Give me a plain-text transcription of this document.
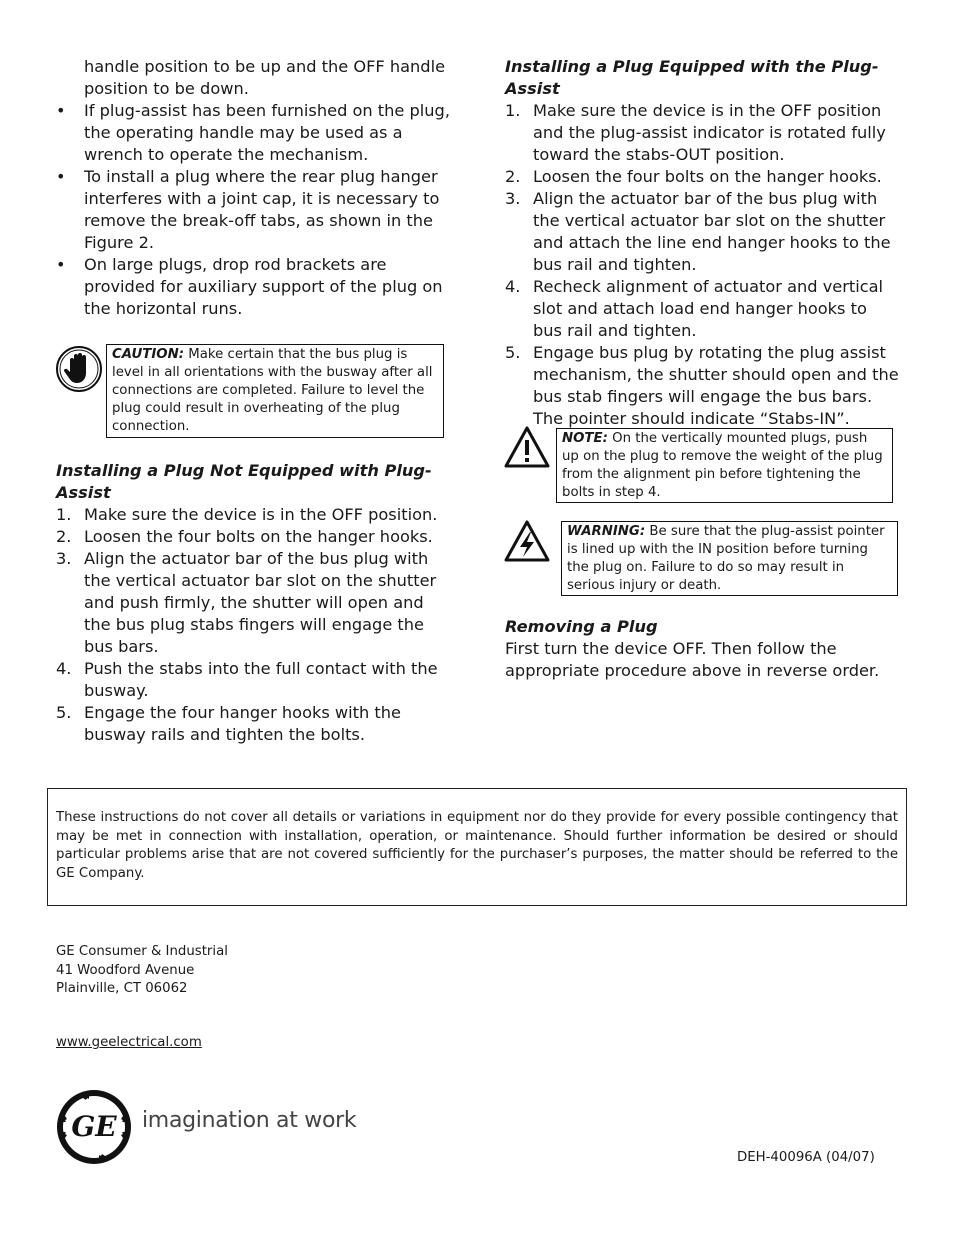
handle position to be up and the OFF handle position to be down.

• If plug-assist has been furnished on the plug, the operating handle may be used as a wrench to operate the mechanism.
• To install a plug where the rear plug hanger interferes with a joint cap, it is necessary to remove the break-off tabs, as shown in the Figure 2.
• On large plugs, drop rod brackets are provided for auxiliary support of the plug on the horizontal runs.
CAUTION: Make certain that the bus plug is level in all orientations with the busway after all connections are completed. Failure to level the plug could result in overheating of the plug connection.
Installing a Plug Not Equipped with Plug-Assist
1. Make sure the device is in the OFF position.
2. Loosen the four bolts on the hanger hooks.
3. Align the actuator bar of the bus plug with the vertical actuator bar slot on the shutter and push firmly, the shutter will open and the bus plug stabs fingers will engage the bus bars.
4. Push the stabs into the full contact with the busway.
5. Engage the four hanger hooks with the busway rails and tighten the bolts.
Installing a Plug Equipped with the Plug-Assist
1. Make sure the device is in the OFF position and the plug-assist indicator is rotated fully toward the stabs-OUT position.
2. Loosen the four bolts on the hanger hooks.
3. Align the actuator bar of the bus plug with the vertical actuator bar slot on the shutter and attach the line end hanger hooks to the bus rail and tighten.
4. Recheck alignment of actuator and vertical slot and attach load end hanger hooks to bus rail and tighten.
5. Engage bus plug by rotating the plug assist mechanism, the shutter should open and the bus stab fingers will engage the bus bars. The pointer should indicate “Stabs-IN”.
NOTE: On the vertically mounted plugs, push up on the plug to remove the weight of the plug from the alignment pin before tightening the bolts in step 4.
WARNING: Be sure that the plug-assist pointer is lined up with the IN position before turning the plug on. Failure to do so may result in serious injury or death.
Removing a Plug

First turn the device OFF. Then follow the appropriate procedure above in reverse order.

These instructions do not cover all details or variations in equipment nor do they provide for every possible contingency that may be met in connection with installation, operation, or maintenance. Should further information be desired or should particular problems arise that are not covered sufficiently for the purchaser’s purposes, the matter should be referred to the GE Company.
GE Consumer & Industrial
41 Woodford Avenue
Plainville, CT 06062
www.geelectrical.com
GE imagination at work
DEH-40096A (04/07)
